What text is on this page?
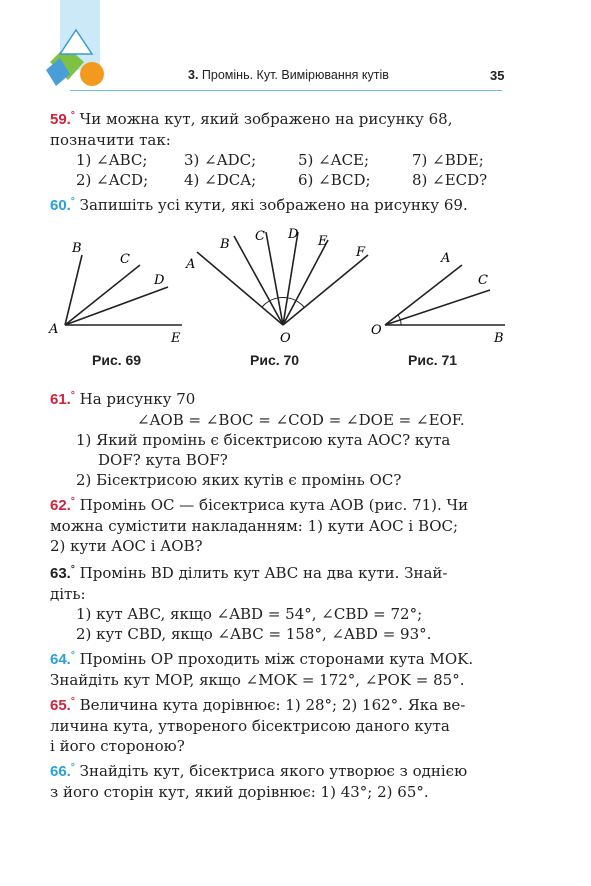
3. Промінь. Кут. Вимірювання кутів	35

59.° Чи можна кут, який зображено на рисунку 68, позначити так:

1) ∠ABC;	3) ∠ADC;	5) ∠ACE;	7) ∠BDE;
2) ∠ACD;	4) ∠DCA;	6) ∠BCD;	8) ∠ECD?

60.° Запишіть усі кути, які зображено на рисунку 69.

A
B
C
D
E
A
B
C D E
F
O
A
C
O
B
Рис. 69	Рис. 70	Рис. 71

61.° На рисунку 70

∠AOB = ∠BOC = ∠COD = ∠DOE = ∠EOF.

1) Який промінь є бісектрисою кута AOC? кута

DOF? кута BOF?

2) Бісектрисою яких кутів є промінь OC?

62.° Промінь OC — бісектриса кута AOB (рис. 71). Чи

можна сумістити накладанням: 1) кути AOC і BOC;

2) кути AOC і AOB?

63.° Промінь BD ділить кут ABC на два кути. Знай-

діть:

1) кут ABC, якщо ∠ABD = 54°, ∠CBD = 72°;

2) кут CBD, якщо ∠ABC = 158°, ∠ABD = 93°.

64.° Промінь OP проходить між сторонами кута MOK.

Знайдіть кут MOP, якщо ∠MOK = 172°, ∠POK = 85°.

65.° Величина кута дорівнює: 1) 28°; 2) 162°. Яка ве-

личина кута, утвореного бісектрисою даного кута

і його стороною?

66.° Знайдіть кут, бісектриса якого утворює з однією

з його сторін кут, який дорівнює: 1) 43°; 2) 65°.
